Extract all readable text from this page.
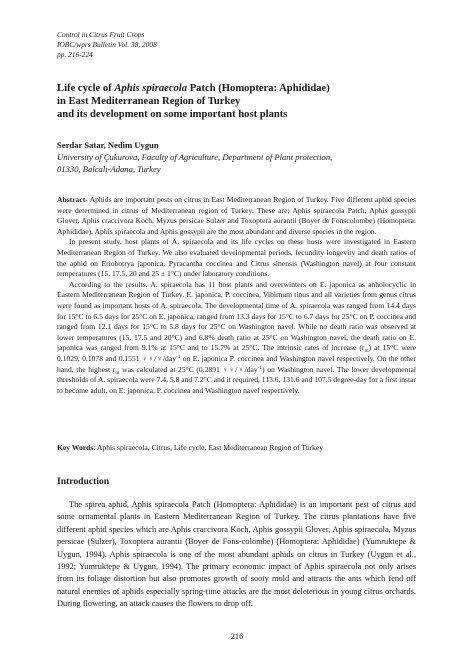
Control in Citrus Fruit Crops
IOBC/wprs Bulletin Vol. 38, 2008
pp. 216-224
Life cycle of Aphis spiraecola Patch (Homoptera: Aphididae)
in East Mediterranean Region of Turkey
and its development on some important host plants
Serdar Satar, Nedim Uygun
University of Çukurova, Faculty of Agriculture, Department of Plant protection,
01330, Balcalı-Adana, Turkey

Abstract- Aphids are important pests on citrus in East Mediterranean Region of Turkey. Five different aphid species were determined in citrus of Mediterranean region of Turkey. These are; Aphis spiraecola Patch, Aphis gossypii Glover, Aphis craccivora Koch, Myzus persicae Sulzer and Toxoptera aurantii (Boyer de Fonscolombe) (Homoptera: Aphididae). Aphis spiraecola and Aphis gossypii are the most abundant and diverse species in the region.

In present study, host plants of A. spiraecola and its life cycles on these hosts were investigated in Eastern Mediterranean Region of Turkey. We also evaluated developmental periods, fecundity longevity and death ratios of the aphid on Eriobotrya japonica, Pyracantha coccinea and Citrus sinensis (Washington navel) at four constant temperatures (15, 17.5, 20 and 25 ± 1°C) under laboratory conditions.

According to the results, A. spiraecola has 11 host plants and overwinters on E. japonica as anholocyclic in Eastern Mediterranean Region of Turkey. E. japonica, P. coccinea, Vibirnum tinus and all varieties from genus citrus were found as important hosts of A. spiraecola. The developmental time of A. spiraecola was ranged from 14.4 days for 15°C to 6.5 days for 25°C on E. japonica, ranged from 13.3 days for 15°C to 6.7 days for 25°C on P. coccinea and ranged from 12.1 days for 15°C to 5.8 days for 25°C on Washington navel. While no death ratio was observed at lower temperatures (15, 17.5 and 20°C) and 6.8% death ratio at 25°C on Washington navel, the death ratio on E. japonica was ranged from 9.1% at 15°C and to 15.7% at 25°C. The intrinsic rates of increase $(r_m)$ at 15°C were 0.1029, 0.1078 and 0.1551 ♀♀/♀/day$^{-1}$ on E. japonica P. coccinea and Washington navel respectively. On the other hand, the highest $r_m$ was calculated at 25°C (0.2891 ♀♀/♀/day$^{-1}$) on Washington navel. The lower developmental thresholds of A. spiraecola were 7.4, 5.8 and 7.2°C and it required, 113.6, 131.6 and 107.5 degree-day for a first instar to become adult, on E. japonica, P. coccinea and Washington navel respectively.

Key Words: Aphis spiraecola, Citrus, Life cycle, East Mediterranean Region of Turkey
Introduction

The spirea aphid, Aphis spiraecola Patch (Homoptera: Aphididae) is an important pest of citrus and some ornamental plants in Eastern Mediterranean Region of Turkey. The citrus plantations have five different aphid species which are Aphis craccivora Koch, Aphis gossypii Glover, Aphis spiraecola, Myzus persicae (Sulzer), Toxoptera aurantii (Boyer de Fons-colombe) (Homoptera: Aphididae) (Yumruktepe & Uygun, 1994). Aphis spiraecola is one of the most abundant aphids on citrus in Turkey (Uygun et al., 1992; Yumruktepe & Uygun, 1994). The primary economic impact of Aphis spiraecola not only arises from its foliage distortion but also promotes growth of sooty mold and attracts the ants which fend off natural enemies of aphids especially spring-time attacks are the most deleterious in young citrus orchards. During flowering, an attack causes the flowers to drop off.

216
